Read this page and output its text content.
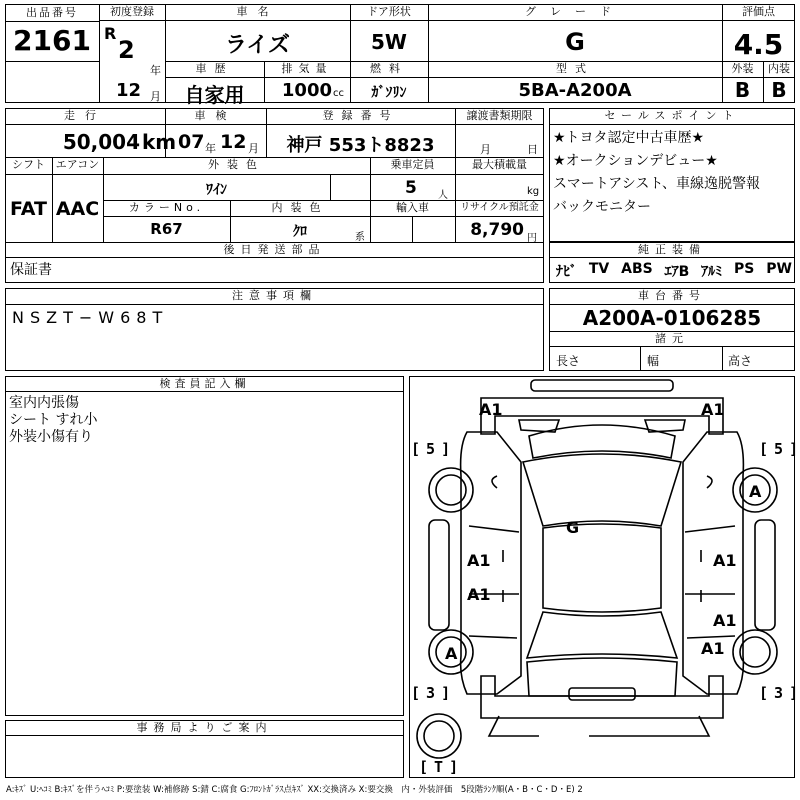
出品番号
2161
初度登録
R
2
年
12 月
車名
ライズ
ドア形状
5W
グレード
G
評価点
4.5
車歴
自家用
排気量
1000 cc
燃料
ｶﾞｿﾘﾝ
型式
5BA-A200A
外装	内装
B	B
走行
50,004 km
車検
07 年 12 月
登録番号
神戸 553ト8823
譲渡書類期限
月	日
シフト
FAT
エアコン
AAC
外装色
ﾜｲﾝ
乗車定員
5 人
最大積載量
kg
カラーNo.
R67
内装色
ｸﾛ	系
輸入車	リサイクル預託金
8,790 円
後日発送部品
保証書
セールスポイント
★トヨタ認定中古車歴★
★オークションデビュー★
スマートアシスト、車線逸脱警報
バックモニター
純正装備
ﾅﾋﾞ TV ABS ｴｱB ｱﾙﾐ PS PW
注意事項欄
NSZT−W68T
車台番号
A200A-0106285
諸元
長さ	幅	高さ
検査員記入欄
室内内張傷
シート すれ小
外装小傷有り
事務局よりご案内
A1	A1
A
G
A1	A1
A1
A1
A1
A
[ 5 ]	[ 5 ]
[ 3 ]	[ 3 ]
[ T ]
A:ｷｽﾞ U:ﾍｺﾐ B:ｷｽﾞを伴うﾍｺﾐ P:要塗装 W:補修跡 S:錆 C:腐食 G:ﾌﾛﾝﾄｶﾞﾗｽ点ｷｽﾞ XX:交換済み X:要交換　内・外装評価　5段階ﾗﾝｸ順(A・B・C・D・E) 2
